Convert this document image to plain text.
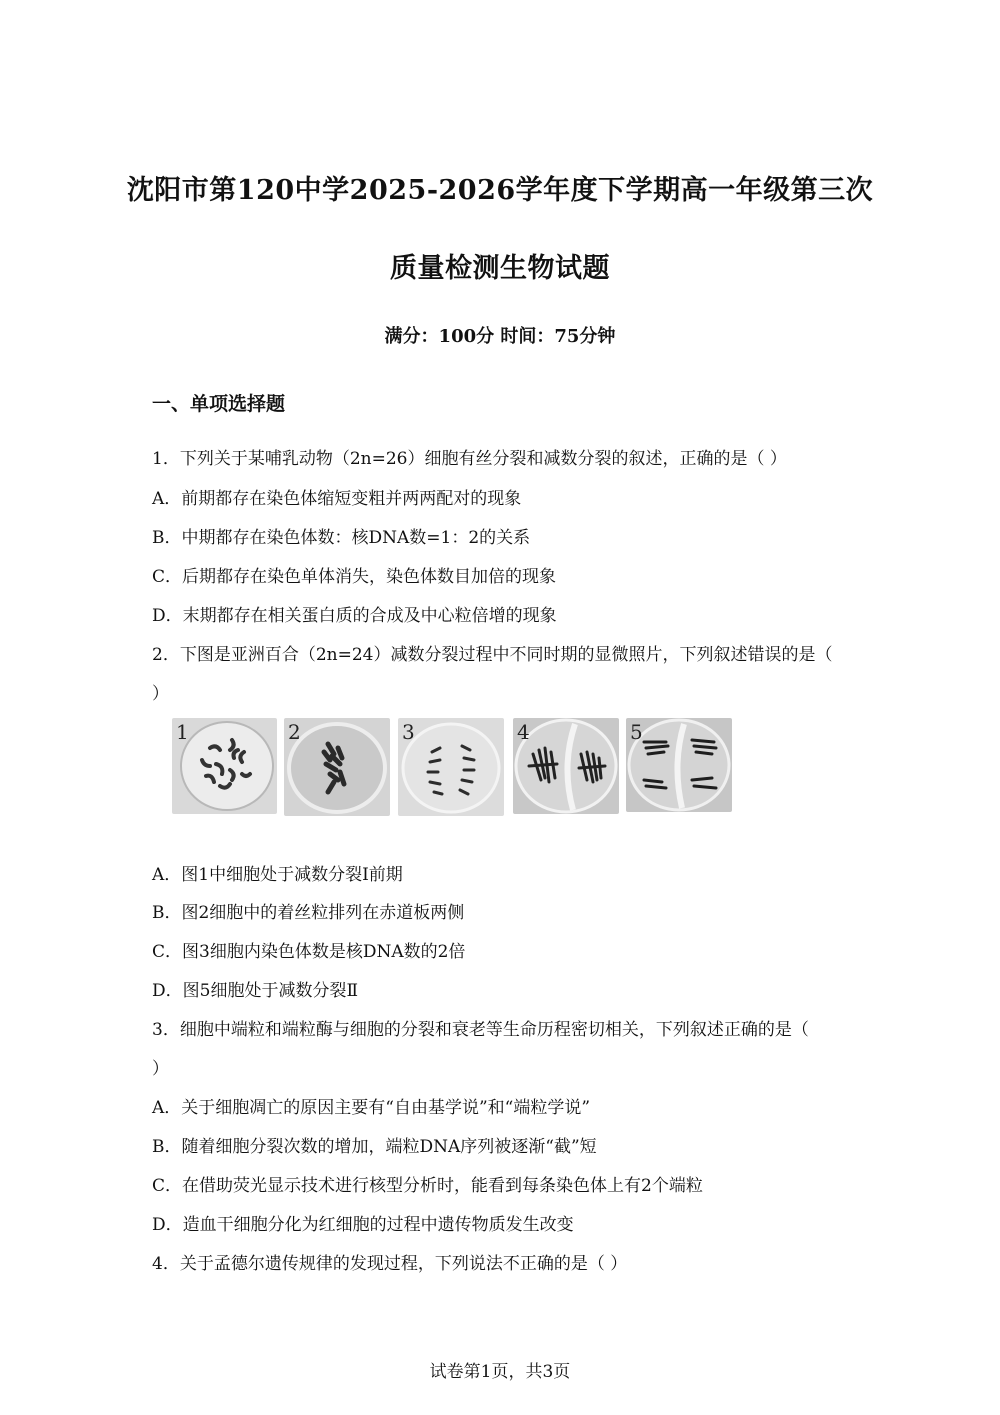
沈阳市第120中学2025-2026学年度下学期高一年级第三次
质量检测生物试题
满分：100分 时间：75分钟
一、单项选择题
1．下列关于某哺乳动物（2n=26）细胞有丝分裂和减数分裂的叙述，正确的是（ ）
A．前期都存在染色体缩短变粗并两两配对的现象
B．中期都存在染色体数：核DNA数=1：2的关系
C．后期都存在染色单体消失，染色体数目加倍的现象
D．末期都存在相关蛋白质的合成及中心粒倍增的现象
2．下图是亚洲百合（2n=24）减数分裂过程中不同时期的显微照片，下列叙述错误的是（
）
1	2	3	4	5
A．图1中细胞处于减数分裂Ⅰ前期
B．图2细胞中的着丝粒排列在赤道板两侧
C．图3细胞内染色体数是核DNA数的2倍
D．图5细胞处于减数分裂Ⅱ
3．细胞中端粒和端粒酶与细胞的分裂和衰老等生命历程密切相关，下列叙述正确的是（
）
A．关于细胞凋亡的原因主要有“自由基学说”和“端粒学说”
B．随着细胞分裂次数的增加，端粒DNA序列被逐渐“截”短
C．在借助荧光显示技术进行核型分析时，能看到每条染色体上有2个端粒
D．造血干细胞分化为红细胞的过程中遗传物质发生改变
4．关于孟德尔遗传规律的发现过程，下列说法不正确的是（ ）
试卷第1页，共3页
